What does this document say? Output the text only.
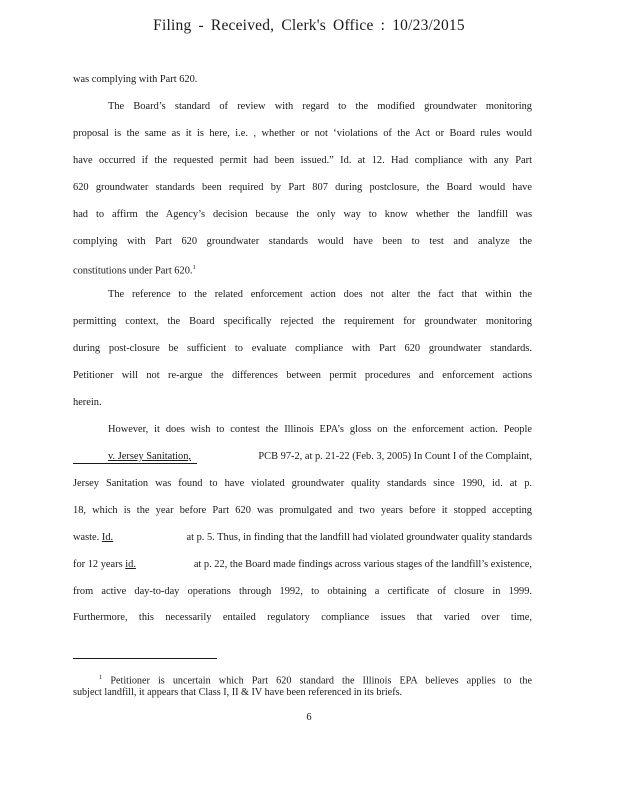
Filing - Received, Clerk's Office : 10/23/2015
was complying with Part 620.
The Board’s standard of review with regard to the modified groundwater monitoring
proposal is the same as it is here, i.e. , whether or not ‘violations of the Act or Board rules would
have occurred if the requested permit had been issued.” Id. at 12. Had compliance with any Part
620 groundwater standards been required by Part 807 during postclosure, the Board would have
had to affirm the Agency’s decision because the only way to know whether the landfill was
complying with Part 620 groundwater standards would have been to test and analyze the
constitutions under Part 620.$^1$
The reference to the related enforcement action does not alter the fact that within the
permitting context, the Board specifically rejected the requirement for groundwater monitoring
during post-closure be sufficient to evaluate compliance with Part 620 groundwater standards.
Petitioner will not re-argue the differences between permit procedures and enforcement actions
herein.
However, it does wish to contest the Illinois EPA’s gloss on the enforcement action. People
v. Jersey Sanitation,	PCB 97-2, at p. 21-22 (Feb. 3, 2005) In Count I of the Complaint,
Jersey Sanitation was found to have violated groundwater quality standards since 1990, id. at p.
18, which is the year before Part 620 was promulgated and two years before it stopped accepting
waste. Id.	at p. 5. Thus, in finding that the landfill had violated groundwater quality standards
for 12 years id.	at p. 22, the Board made findings across various stages of the landfill’s existence,
from active day-to-day operations through 1992, to obtaining a certificate of closure in 1999.
Furthermore, this necessarily entailed regulatory compliance issues that varied over time,
$^1$ Petitioner is uncertain which Part 620 standard the Illinois EPA believes applies to the
subject landfill, it appears that Class I, II & IV have been referenced in its briefs.
6
